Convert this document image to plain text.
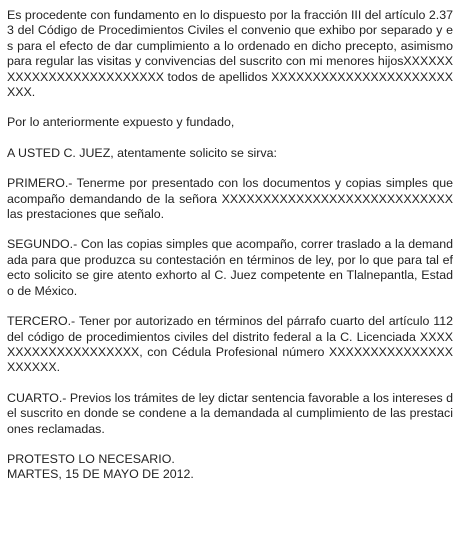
Es procedente con fundamento en lo dispuesto por la fracción III del artículo 2.373 del Código de Procedimientos Civiles el convenio que exhibo por separado y es para el efecto de dar cumplimiento a lo ordenado en dicho precepto, asimismo para regular las visitas y convivencias del suscrito con mi menores hijosXXXXXXXXXXXXXXXXXXXXXXXXX todos de apellidos XXXXXXXXXXXXXXXXXXXXXXXXX.

Por lo anteriormente expuesto y fundado,

A USTED C. JUEZ, atentamente solicito se sirva:

PRIMERO.- Tenerme por presentado con los documentos y copias simples que acompaño demandando de la señora XXXXXXXXXXXXXXXXXXXXXXXXXXXX las prestaciones que señalo.

SEGUNDO.- Con las copias simples que acompaño, correr traslado a la demandada para que produzca su contestación en términos de ley, por lo que para tal efecto solicito se gire atento exhorto al C. Juez competente en Tlalnepantla, Estado de México.

TERCERO.- Tener por autorizado en términos del párrafo cuarto del artículo 112 del código de procedimientos civiles del distrito federal a la C. Licenciada XXXXXXXXXXXXXXXXXXXX, con Cédula Profesional número XXXXXXXXXXXXXXXXXXXXX.

CUARTO.- Previos los trámites de ley dictar sentencia favorable a los intereses del suscrito en donde se condene a la demandada al cumplimiento de las prestaciones reclamadas.

PROTESTO LO NECESARIO.

MARTES, 15 DE MAYO DE 2012.
